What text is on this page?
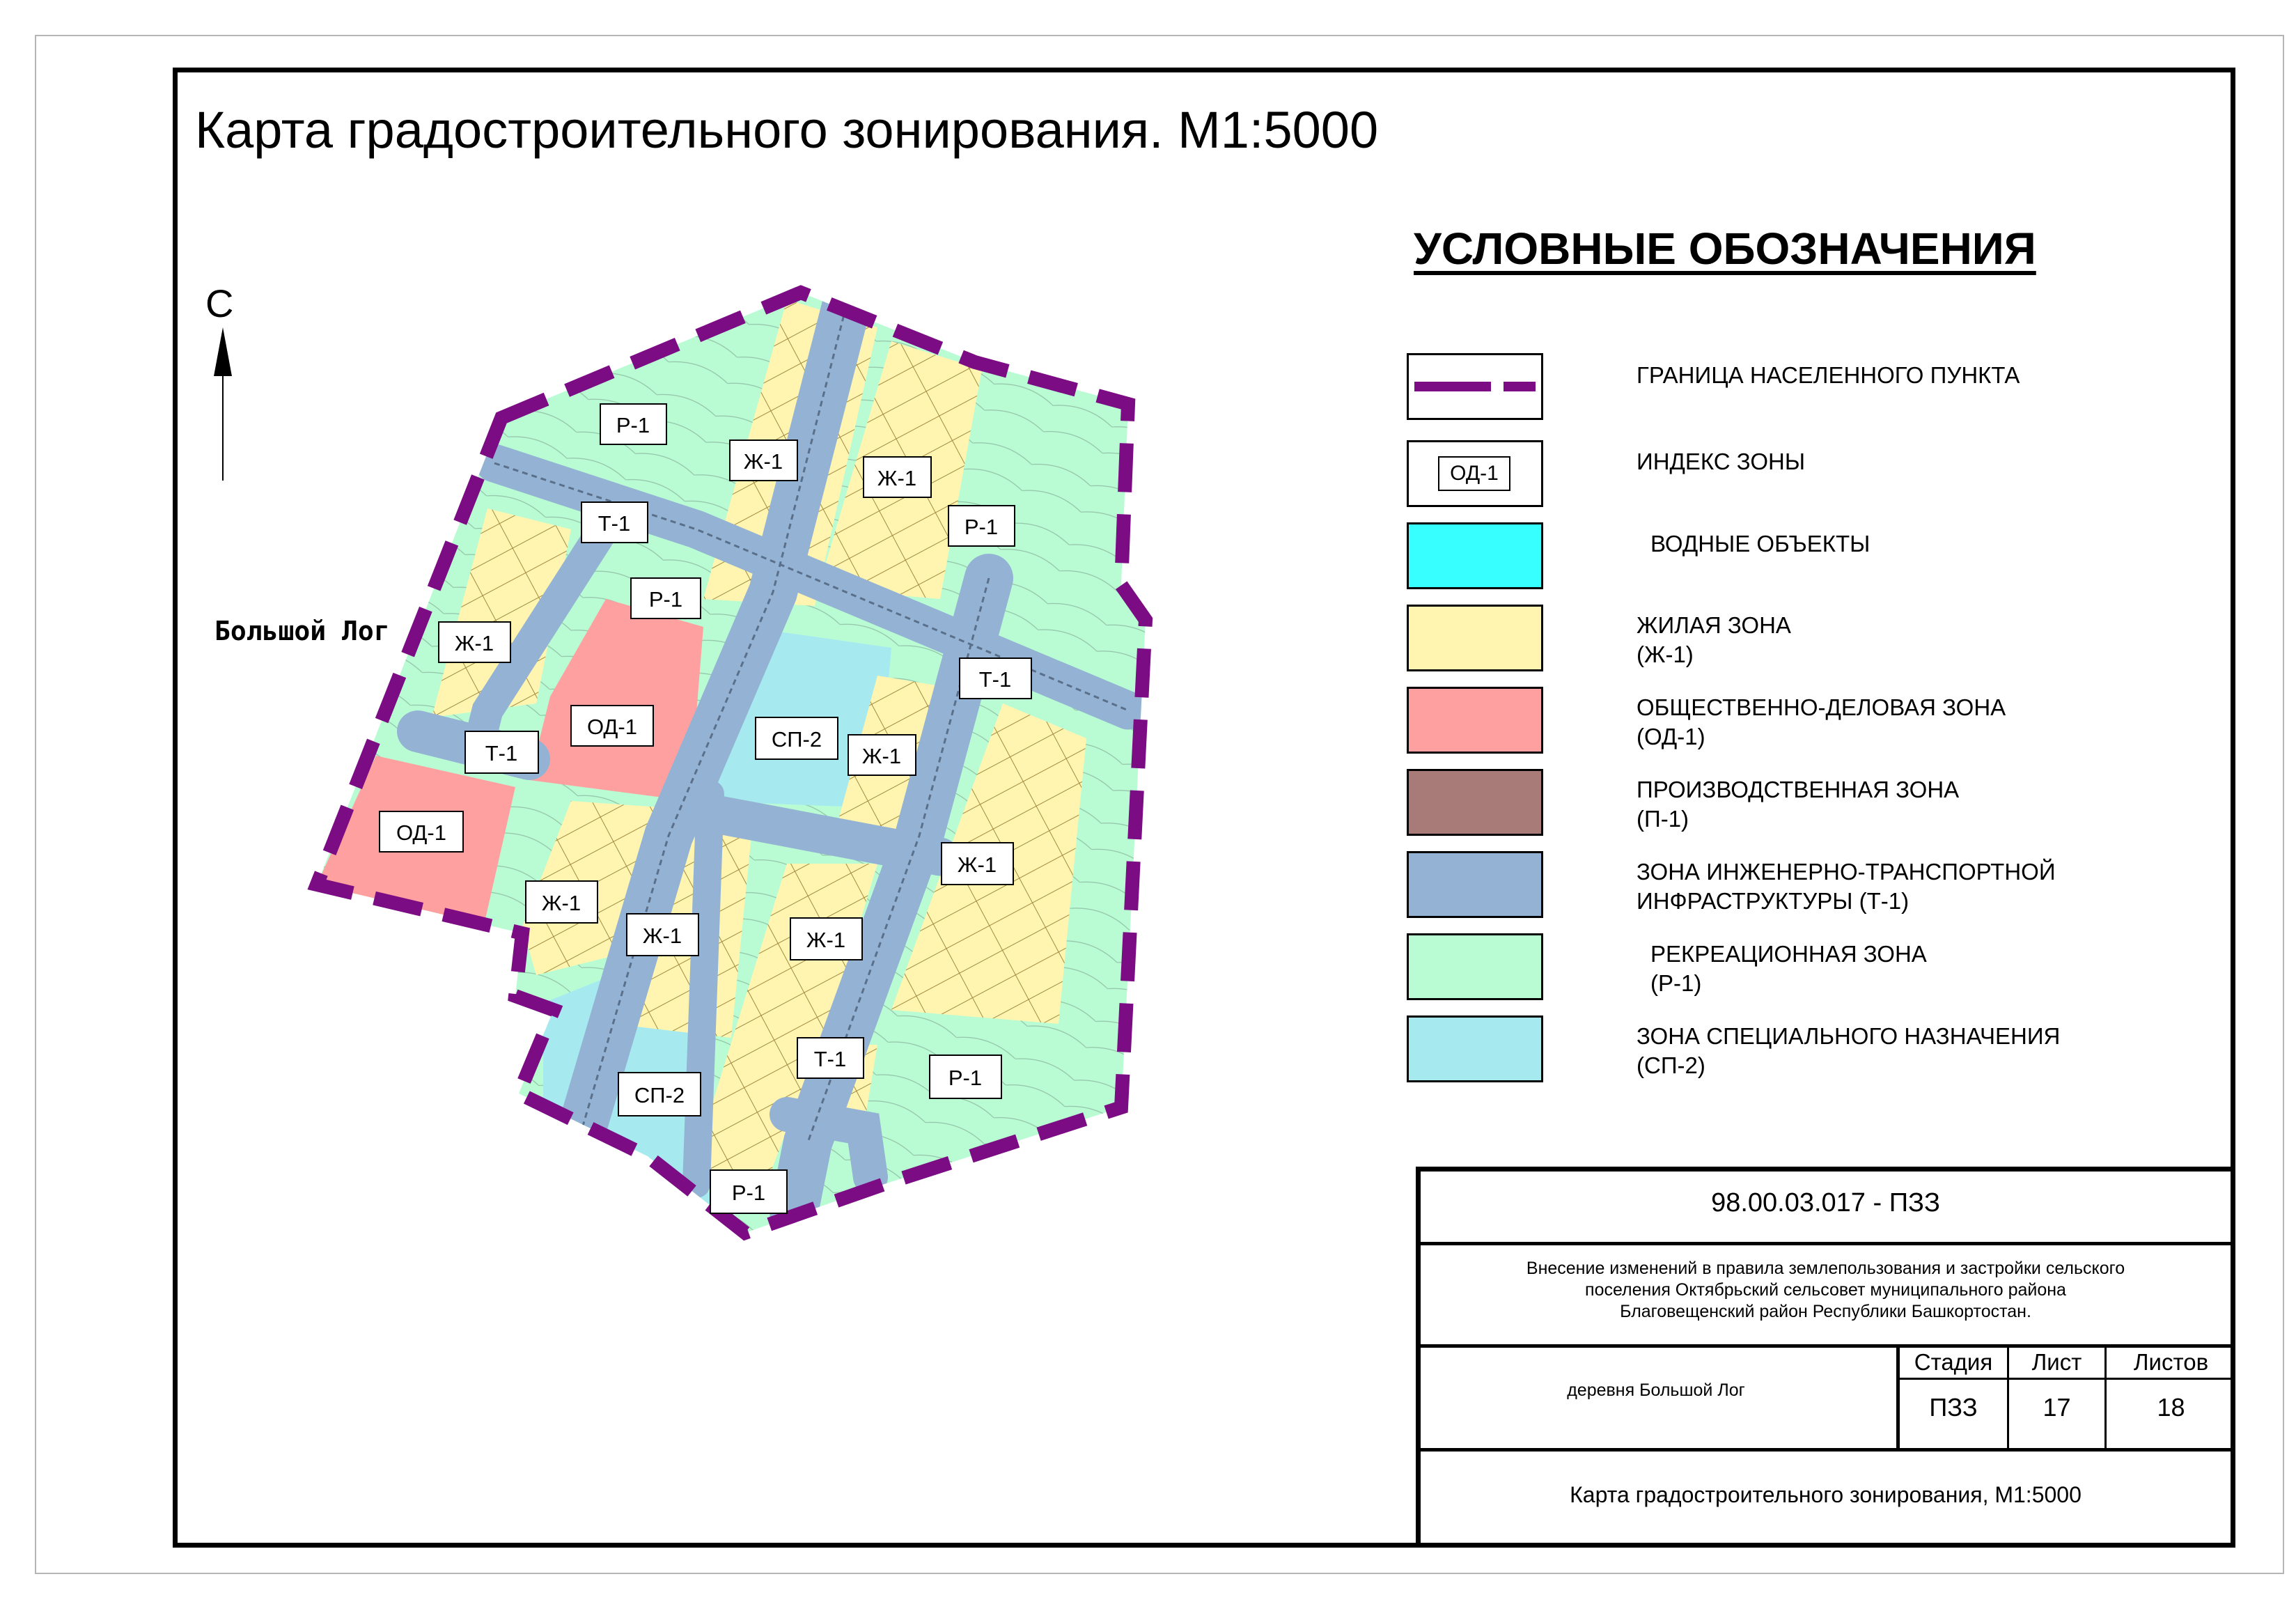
Карта градостроительного зонирования. М1:5000
Р-1
Ж-1
Ж-1
Р-1
Т-1
Р-1
Ж-1
ОД-1
Т-1
СП-2
Ж-1
Т-1
ОД-1
Ж-1
Ж-1
Ж-1	Ж-1
Т-1
Р-1
СП-2
Р-1
С
Большой Лог
УСЛОВНЫЕ ОБОЗНАЧЕНИЯ
ОД-1
ГРАНИЦА НАСЕЛЕННОГО ПУНКТА
ИНДЕКС ЗОНЫ
ВОДНЫЕ ОБЪЕКТЫ
ЖИЛАЯ ЗОНА
(Ж-1)
ОБЩЕСТВЕННО-ДЕЛОВАЯ ЗОНА
(ОД-1)
ПРОИЗВОДСТВЕННАЯ ЗОНА
(П-1)
ЗОНА ИНЖЕНЕРНО-ТРАНСПОРТНОЙ
ИНФРАСТРУКТУРЫ (Т-1)
РЕКРЕАЦИОННАЯ ЗОНА
(Р-1)
ЗОНА СПЕЦИАЛЬНОГО НАЗНАЧЕНИЯ
(СП-2)
98.00.03.017 - ПЗЗ
Внесение изменений в правила землепользования и застройки сельского
поселения Октябрьский сельсовет муниципального района
Благовещенский район Республики Башкортостан.
деревня Большой Лог
Стадия	Лист	Листов
ПЗЗ	17	18
Карта градостроительного зонирования, М1:5000
